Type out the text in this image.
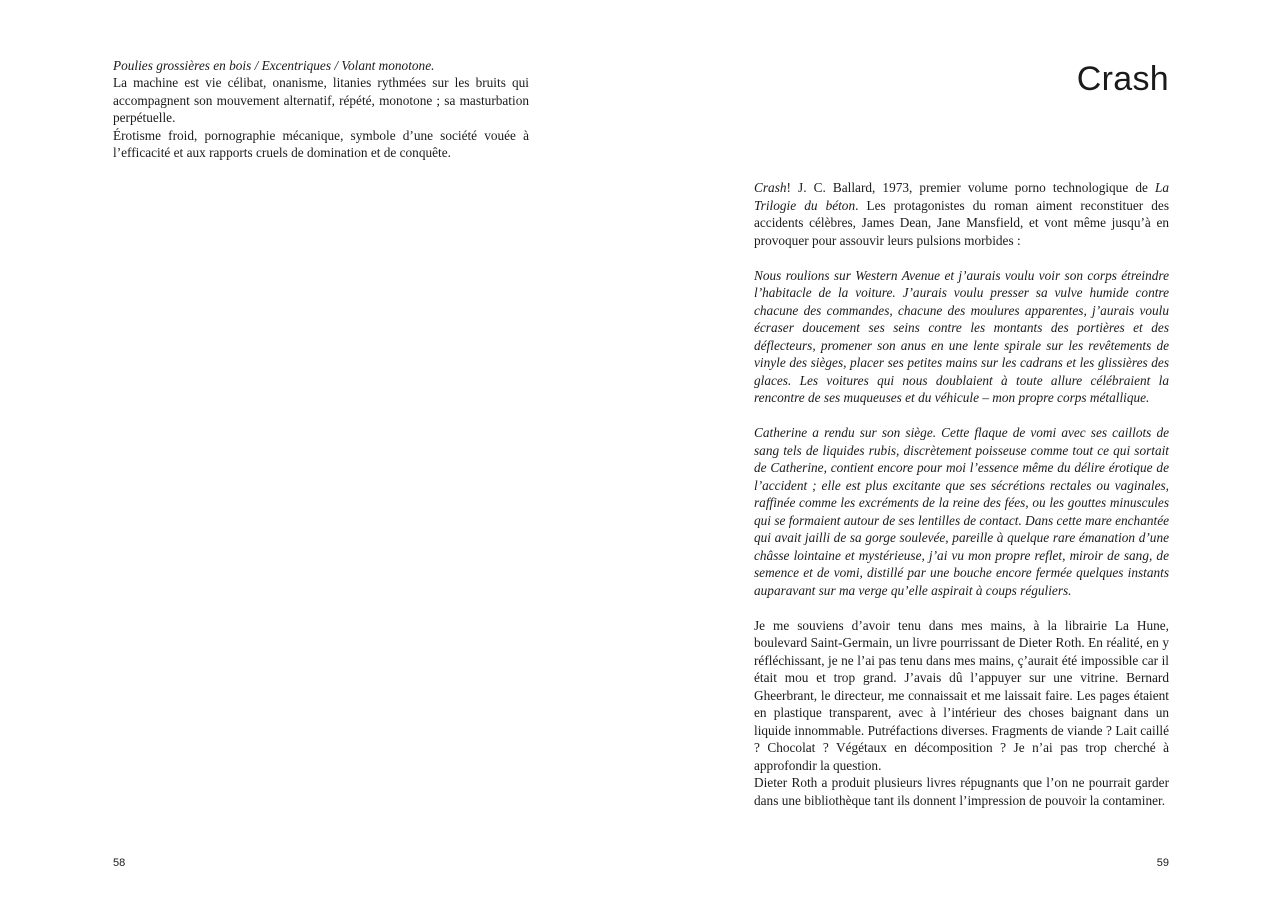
Poulies grossières en bois / Excentriques / Volant monotone.

La machine est vie célibat, onanisme, litanies rythmées sur les bruits qui accompagnent son mouvement alternatif, répété, monotone ; sa masturbation perpétuelle.

Érotisme froid, pornographie mécanique, symbole d’une société vouée à l’efficacité et aux rapports cruels de domination et de conquête.

58
Crash

Crash! J. C. Ballard, 1973, premier volume porno technologique de La Trilogie du béton. Les protagonistes du roman aiment reconstituer des accidents célèbres, James Dean, Jane Mansfield, et vont même jusqu’à en provoquer pour assouvir leurs pulsions morbides :

Nous roulions sur Western Avenue et j’aurais voulu voir son corps étreindre l’habitacle de la voiture. J’aurais voulu presser sa vulve humide contre chacune des commandes, chacune des moulures apparentes, j’aurais voulu écraser doucement ses seins contre les montants des portières et des déflecteurs, promener son anus en une lente spirale sur les revêtements de vinyle des sièges, placer ses petites mains sur les cadrans et les glissières des glaces. Les voitures qui nous doublaient à toute allure célébraient la rencontre de ses muqueuses et du véhicule – mon propre corps métallique.

Catherine a rendu sur son siège. Cette flaque de vomi avec ses caillots de sang tels de liquides rubis, discrètement poisseuse comme tout ce qui sortait de Catherine, contient encore pour moi l’essence même du délire érotique de l’accident ; elle est plus excitante que ses sécrétions rectales ou vaginales, raffinée comme les excréments de la reine des fées, ou les gouttes minuscules qui se formaient autour de ses lentilles de contact. Dans cette mare enchantée qui avait jailli de sa gorge soulevée, pareille à quelque rare émanation d’une châsse lointaine et mystérieuse, j’ai vu mon propre reflet, miroir de sang, de semence et de vomi, distillé par une bouche encore fermée quelques instants auparavant sur ma verge qu’elle aspirait à coups réguliers.

Je me souviens d’avoir tenu dans mes mains, à la librairie La Hune, boulevard Saint-Germain, un livre pourrissant de Dieter Roth. En réalité, en y réfléchissant, je ne l’ai pas tenu dans mes mains, ç’aurait été impossible car il était mou et trop grand. J’avais dû l’appuyer sur une vitrine. Bernard Gheerbrant, le directeur, me connaissait et me laissait faire. Les pages étaient en plastique transparent, avec à l’intérieur des choses baignant dans un liquide innommable. Putréfactions diverses. Fragments de viande ? Lait caillé ? Chocolat ? Végétaux en décomposition ? Je n’ai pas trop cherché à approfondir la question.

Dieter Roth a produit plusieurs livres répugnants que l’on ne pourrait garder dans une bibliothèque tant ils donnent l’impression de pouvoir la contaminer.

59
